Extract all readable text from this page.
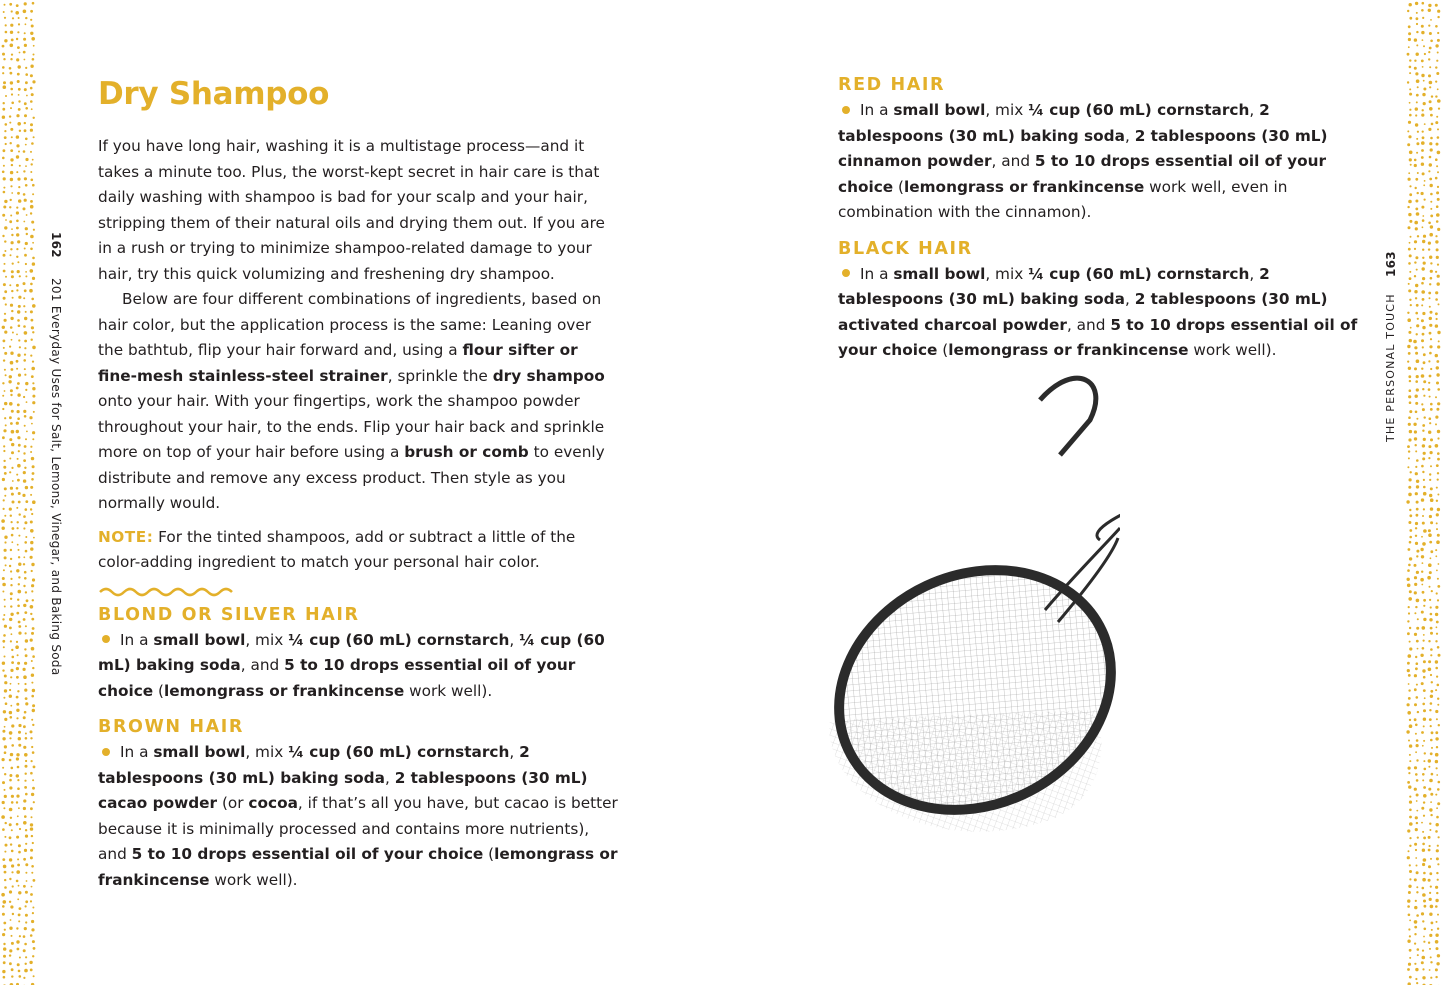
162201 Everyday Uses for Salt, Lemons, Vinegar, and Baking Soda	THE PERSONAL TOUCH163
Dry Shampoo

If you have long hair, washing it is a multistage process—and it takes a minute too. Plus, the worst-kept secret in hair care is that daily washing with shampoo is bad for your scalp and your hair, stripping them of their natural oils and drying them out. If you are in a rush or trying to minimize shampoo-related damage to your hair, try this quick volumizing and freshening dry shampoo.

Below are four different combinations of ingredients, based on hair color, but the application process is the same: Leaning over the bathtub, flip your hair forward and, using a flour sifter or fine-mesh stainless-steel strainer, sprinkle the dry shampoo onto your hair. With your fingertips, work the shampoo powder throughout your hair, to the ends. Flip your hair back and sprinkle more on top of your hair before using a brush or comb to evenly distribute and remove any excess product. Then style as you normally would.

NOTE: For the tinted shampoos, add or subtract a little of the color-adding ingredient to match your personal hair color.

BLOND OR SILVER HAIR

In a small bowl, mix ¼ cup (60 mL) cornstarch, ¼ cup (60 mL) baking soda, and 5 to 10 drops essential oil of your choice (lemongrass or frankincense work well).

BROWN HAIR

In a small bowl, mix ¼ cup (60 mL) cornstarch, 2 tablespoons (30 mL) baking soda, 2 tablespoons (30 mL) cacao powder (or cocoa, if that’s all you have, but cacao is better because it is minimally processed and contains more nutrients), and 5 to 10 drops essential oil of your choice (lemongrass or frankincense work well).

RED HAIR

In a small bowl, mix ¼ cup (60 mL) cornstarch, 2 tablespoons (30 mL) baking soda, 2 tablespoons (30 mL) cinnamon powder, and 5 to 10 drops essential oil of your choice (lemongrass or frankincense work well, even in combination with the cinnamon).

BLACK HAIR

In a small bowl, mix ¼ cup (60 mL) cornstarch, 2 tablespoons (30 mL) baking soda, 2 tablespoons (30 mL) activated charcoal powder, and 5 to 10 drops essential oil of your choice (lemongrass or frankincense work well).
